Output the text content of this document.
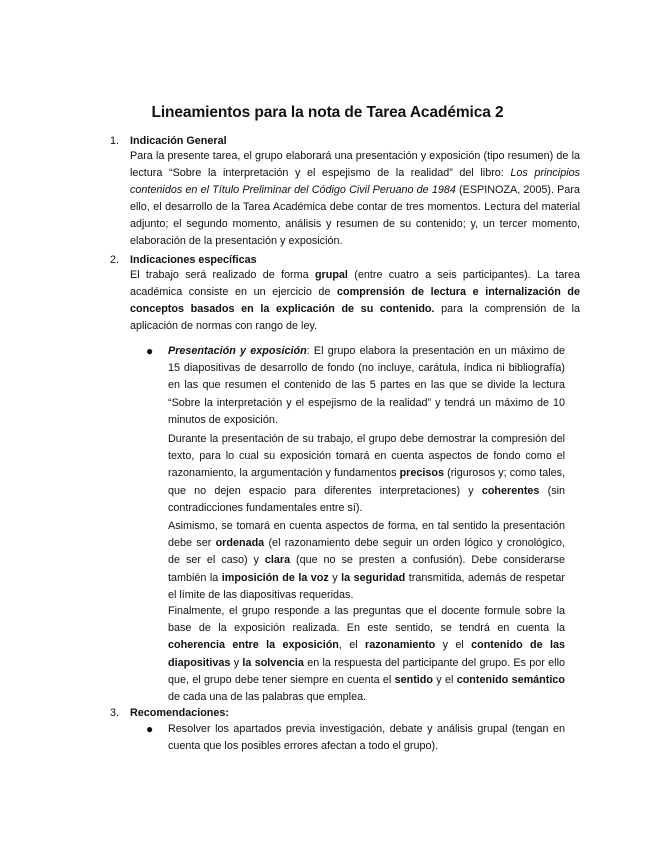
Lineamientos para la nota de Tarea Académica 2
1. Indicación General
Para la presente tarea, el grupo elaborará una presentación y exposición (tipo resumen) de la lectura “Sobre la interpretación y el espejismo de la realidad” del libro: Los principios contenidos en el Título Preliminar del Código Civil Peruano de 1984 (ESPINOZA, 2005). Para ello, el desarrollo de la Tarea Académica debe contar de tres momentos. Lectura del material adjunto; el segundo momento, análisis y resumen de su contenido; y, un tercer momento, elaboración de la presentación y exposición.
2. Indicaciones específicas
El trabajo será realizado de forma grupal (entre cuatro a seis participantes). La tarea académica consiste en un ejercicio de comprensión de lectura e internalización de conceptos basados en la explicación de su contenido. para la comprensión de la aplicación de normas con rango de ley.
● Presentación y exposición: El grupo elabora la presentación en un máximo de 15 diapositivas de desarrollo de fondo (no incluye, carátula, índica ni bibliografía) en las que resumen el contenido de las 5 partes en las que se divide la lectura “Sobre la interpretación y el espejismo de la realidad” y tendrá un máximo de 10 minutos de exposición.
Durante la presentación de su trabajo, el grupo debe demostrar la compresión del texto, para lo cual su exposición tomará en cuenta aspectos de fondo como el razonamiento, la argumentación y fundamentos precisos (rigurosos y; como tales, que no dejen espacio para diferentes interpretaciones) y coherentes (sin contradicciones fundamentales entre sí).
Asimismo, se tomará en cuenta aspectos de forma, en tal sentido la presentación debe ser ordenada (el razonamiento debe seguir un orden lógico y cronológico, de ser el caso) y clara (que no se presten a confusión). Debe considerarse también la imposición de la voz y la seguridad transmitida, además de respetar el límite de las diapositivas requeridas.
Finalmente, el grupo responde a las preguntas que el docente formule sobre la base de la exposición realizada. En este sentido, se tendrá en cuenta la coherencia entre la exposición, el razonamiento y el contenido de las diapositivas y la solvencia en la respuesta del participante del grupo. Es por ello que, el grupo debe tener siempre en cuenta el sentido y el contenido semántico de cada una de las palabras que emplea.
3. Recomendaciones:
● Resolver los apartados previa investigación, debate y análisis grupal (tengan en cuenta que los posibles errores afectan a todo el grupo).
